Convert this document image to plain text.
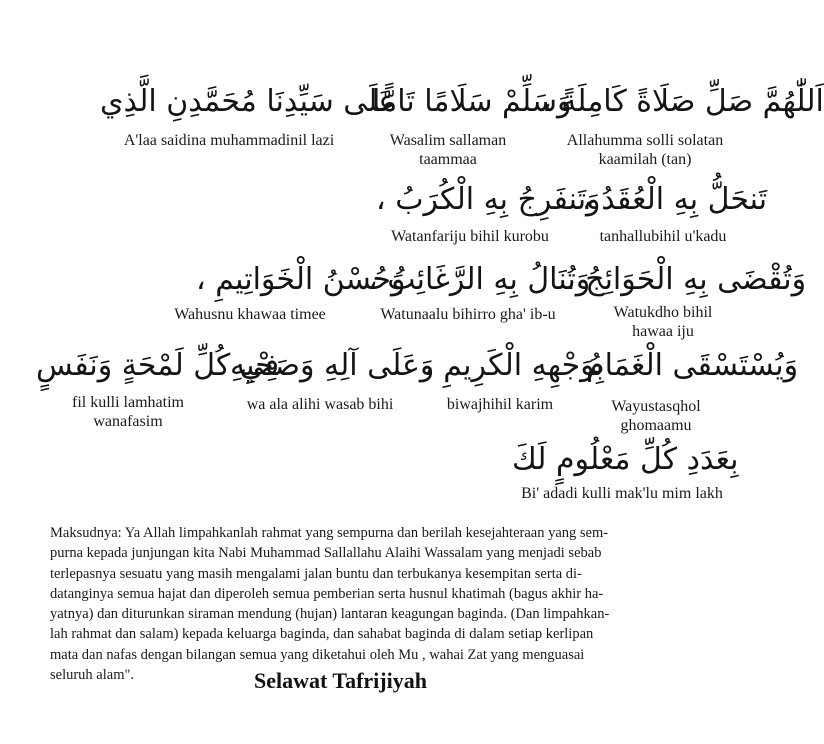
عَلَى سَيِّدِنَا مُحَمَّدِنِ الَّذِي
A'laa saidina muhammadinil lazi
وَسَلِّمْ سَلَامًا تَامًّا
Wasalim sallaman
taammaa
اَللّٰهُمَّ صَلِّ صَلَاةً كَامِلَةً ،
Allahumma solli solatan
kaamilah (tan)
وَتَنفَرِجُ بِهِ الْكُرَبُ ،
Watanfariju bihil kurobu
تَنحَلُّ بِهِ الْعُقَدُ ،
tanhallubihil u'kadu
وَحُسْنُ الْخَوَاتِيمِ ،
Wahusnu khawaa timee
وَتُنَالُ بِهِ الرَّغَائِبُ ،
Watunaalu bihirro gha' ib-u
وَتُقْضَى بِهِ الْحَوَائِجُ ،
Watukdho bihil
hawaa iju
فِي كُلِّ لَمْحَةٍ وَنَفَسٍ
fil kulli lamhatim
wanafasim
وَعَلَى آلِهِ وَصَحْبِهِ
wa ala alihi wasab bihi
بِوَجْهِهِ الْكَرِيمِ ،
biwajhihil karim
وَيُسْتَسْقَى الْغَمَامُ
Wayustasqhol
ghomaamu
بِعَدَدِ كُلِّ مَعْلُومٍ لَكَ
Bi' adadi kulli mak'lu mim lakh

Maksudnya: Ya Allah limpahkanlah rahmat yang sempurna dan berilah kesejahteraan yang sem-
purna kepada junjungan kita Nabi Muhammad Sallallahu Alaihi Wassalam yang menjadi sebab
terlepasnya sesuatu yang masih mengalami jalan buntu dan terbukanya kesempitan serta di-
datanginya semua hajat dan diperoleh semua pemberian serta husnul khatimah (bagus akhir ha-
yatnya) dan diturunkan siraman mendung (hujan) lantaran keagungan baginda. (Dan limpahkan-
lah rahmat dan salam) kepada keluarga baginda, dan sahabat baginda di dalam setiap kerlipan
mata dan nafas dengan bilangan semua yang diketahui oleh Mu , wahai Zat yang menguasai
seluruh alam".	Selawat Tafrijiyah
